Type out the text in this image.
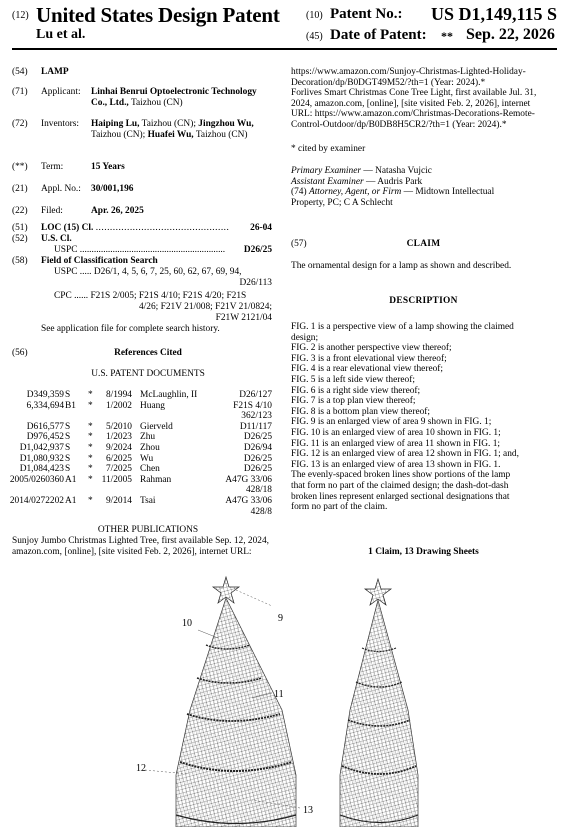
(12) United States Design Patent
Lu et al.
(10) Patent No.: US D1,149,115 S
(45) Date of Patent: ** Sep. 22, 2026
(54) LAMP
(71) Applicant:	Linhai Benrui Optoelectronic Technology Co., Ltd., Taizhou (CN)
(72) Inventors:	Haiping Lu, Taizhou (CN); Jingzhou Wu, Taizhou (CN); Huafei Wu, Taizhou (CN)
(**) Term:	15 Years
(21) Appl. No.:	30/001,196
(22) Filed:	Apr. 26, 2025
(51) LOC (15) Cl. ...............................................	26-04
(52) U.S. Cl.
USPC ..............................................................	D26/25
(58) Field of Classification Search
USPC ..... D26/1, 4, 5, 6, 7, 25, 60, 62, 67, 69, 94,
D26/113
CPC ...... F21S 2/005; F21S 4/10; F21S 4/20; F21S
4/26; F21V 21/008; F21V 21/0824;
F21W 2121/04
See application file for complete search history.
(56)	References Cited
U.S. PATENT DOCUMENTS
D349,359 S * 8/1994 McLaughlin, II	D26/127
6,334,694 B1 * 1/2002 Huang	F21S 4/10
362/123
D616,577 S * 5/2010 Gierveld	D11/117
D976,452 S * 1/2023 Zhu	D26/25
D1,042,937 S * 9/2024 Zhou	D26/94
D1,080,932 S * 6/2025 Wu	D26/25
D1,084,423 S * 7/2025 Chen	D26/25
2005/0260360 A1 * 11/2005 Rahman	A47G 33/06
428/18
2014/0272202 A1 * 9/2014 Tsai	A47G 33/06
428/8
OTHER PUBLICATIONS
Sunjoy Jumbo Christmas Lighted Tree, first available Sep. 12, 2024,
amazon.com, [online], [site visited Feb. 2, 2026], internet URL:
https://www.amazon.com/Sunjoy-Christmas-Lighted-Holiday-
Decoration/dp/B0DGT49M52/?th=1 (Year: 2024).*
Forlives Smart Christmas Cone Tree Light, first available Jul. 31,
2024, amazon.com, [online], [site visited Feb. 2, 2026], internet
URL: https://www.amazon.com/Christmas-Decorations-Remote-
Control-Outdoor/dp/B0DB8H5CR2/?th=1 (Year: 2024).*
* cited by examiner
Primary Examiner — Natasha Vujcic
Assistant Examiner — Audris Park
(74) Attorney, Agent, or Firm — Midtown Intellectual
Property, PC; C A Schlecht
(57)	CLAIM
The ornamental design for a lamp as shown and described.
DESCRIPTION
FIG. 1 is a perspective view of a lamp showing the claimed
design;
FIG. 2 is another perspective view thereof;
FIG. 3 is a front elevational view thereof;
FIG. 4 is a rear elevational view thereof;
FIG. 5 is a left side view thereof;
FIG. 6 is a right side view thereof;
FIG. 7 is a top plan view thereof;
FIG. 8 is a bottom plan view thereof;
FIG. 9 is an enlarged view of area 9 shown in FIG. 1;
FIG. 10 is an enlarged view of area 10 shown in FIG. 1;
FIG. 11 is an enlarged view of area 11 shown in FIG. 1;
FIG. 12 is an enlarged view of area 12 shown in FIG. 1; and,
FIG. 13 is an enlarged view of area 13 shown in FIG. 1.
The evenly-spaced broken lines show portions of the lamp
that form no part of the claimed design; the dash-dot-dash
broken lines represent enlarged sectional designations that
form no part of the claim.
1 Claim, 13 Drawing Sheets
9
10
11
12
13
